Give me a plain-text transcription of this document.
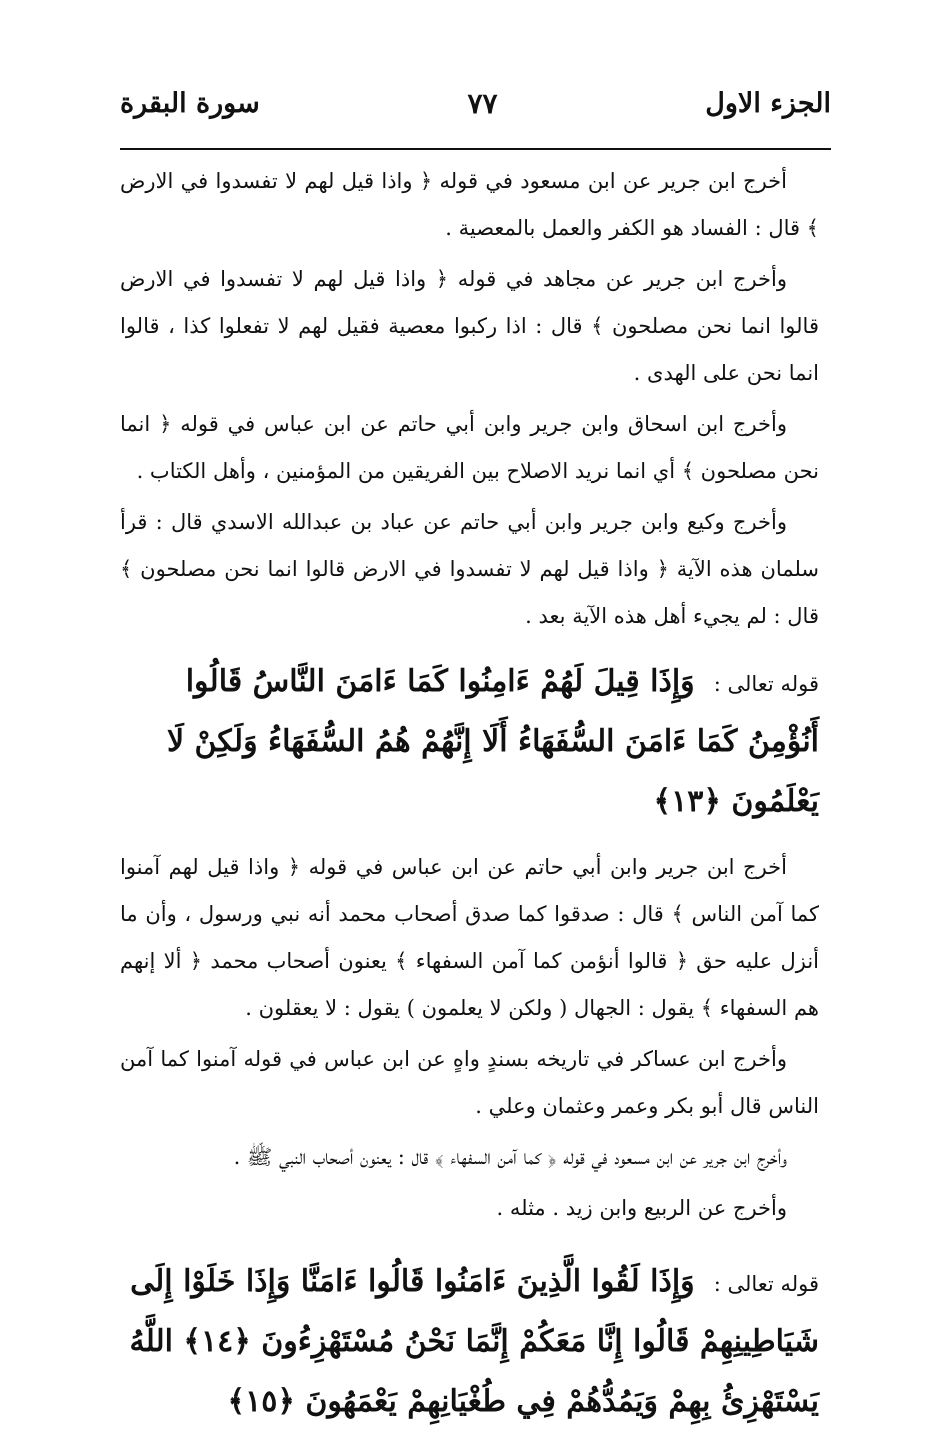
الجزء الاول
٧٧
سورة البقرة

أخرج ابن جرير عن ابن مسعود في قوله ﴿ واذا قيل لهم لا تفسدوا في الارض ﴾ قال : الفساد هو الكفر والعمل بالمعصية .

وأخرج ابن جرير عن مجاهد في قوله ﴿ واذا قيل لهم لا تفسدوا في الارض قالوا انما نحن مصلحون ﴾ قال : اذا ركبوا معصية فقيل لهم لا تفعلوا كذا ، قالوا انما نحن على الهدى .

وأخرج ابن اسحاق وابن جرير وابن أبي حاتم عن ابن عباس في قوله ﴿ انما نحن مصلحون ﴾ أي انما نريد الاصلاح بين الفريقين من المؤمنين ، وأهل الكتاب .

وأخرج وكيع وابن جرير وابن أبي حاتم عن عباد بن عبدالله الاسدي قال : قرأ سلمان هذه الآية ﴿ واذا قيل لهم لا تفسدوا في الارض قالوا انما نحن مصلحون ﴾ قال : لم يجيء أهل هذه الآية بعد .

قوله تعالى : وَإِذَا قِيلَ لَهُمْ ءَامِنُوا كَمَا ءَامَنَ النَّاسُ قَالُوا أَنُؤْمِنُ كَمَا ءَامَنَ السُّفَهَاءُ أَلَا إِنَّهُمْ هُمُ السُّفَهَاءُ وَلَكِنْ لَا يَعْلَمُونَ ﴿١٣﴾

أخرج ابن جرير وابن أبي حاتم عن ابن عباس في قوله ﴿ واذا قيل لهم آمنوا كما آمن الناس ﴾ قال : صدقوا كما صدق أصحاب محمد أنه نبي ورسول ، وأن ما أنزل عليه حق ﴿ قالوا أنؤمن كما آمن السفهاء ﴾ يعنون أصحاب محمد ﴿ ألا إنهم هم السفهاء ﴾ يقول : الجهال ( ولكن لا يعلمون ) يقول : لا يعقلون .

وأخرج ابن عساكر في تاريخه بسندٍ واهٍ عن ابن عباس في قوله آمنوا كما آمن الناس قال أبو بكر وعمر وعثمان وعلي .

وأخرج ابن جرير عن ابن مسعود في قوله ﴿ كما آمن السفهاء ﴾ قال : يعنون أصحاب النبي ﷺ .

وأخرج عن الربيع وابن زيد . مثله .

قوله تعالى : وَإِذَا لَقُوا الَّذِينَ ءَامَنُوا قَالُوا ءَامَنَّا وَإِذَا خَلَوْا إِلَى شَيَاطِينِهِمْ قَالُوا إِنَّا مَعَكُمْ إِنَّمَا نَحْنُ مُسْتَهْزِءُونَ ﴿١٤﴾ اللَّهُ يَسْتَهْزِئُ بِهِمْ وَيَمُدُّهُمْ فِي طُغْيَانِهِمْ يَعْمَهُونَ ﴿١٥﴾
